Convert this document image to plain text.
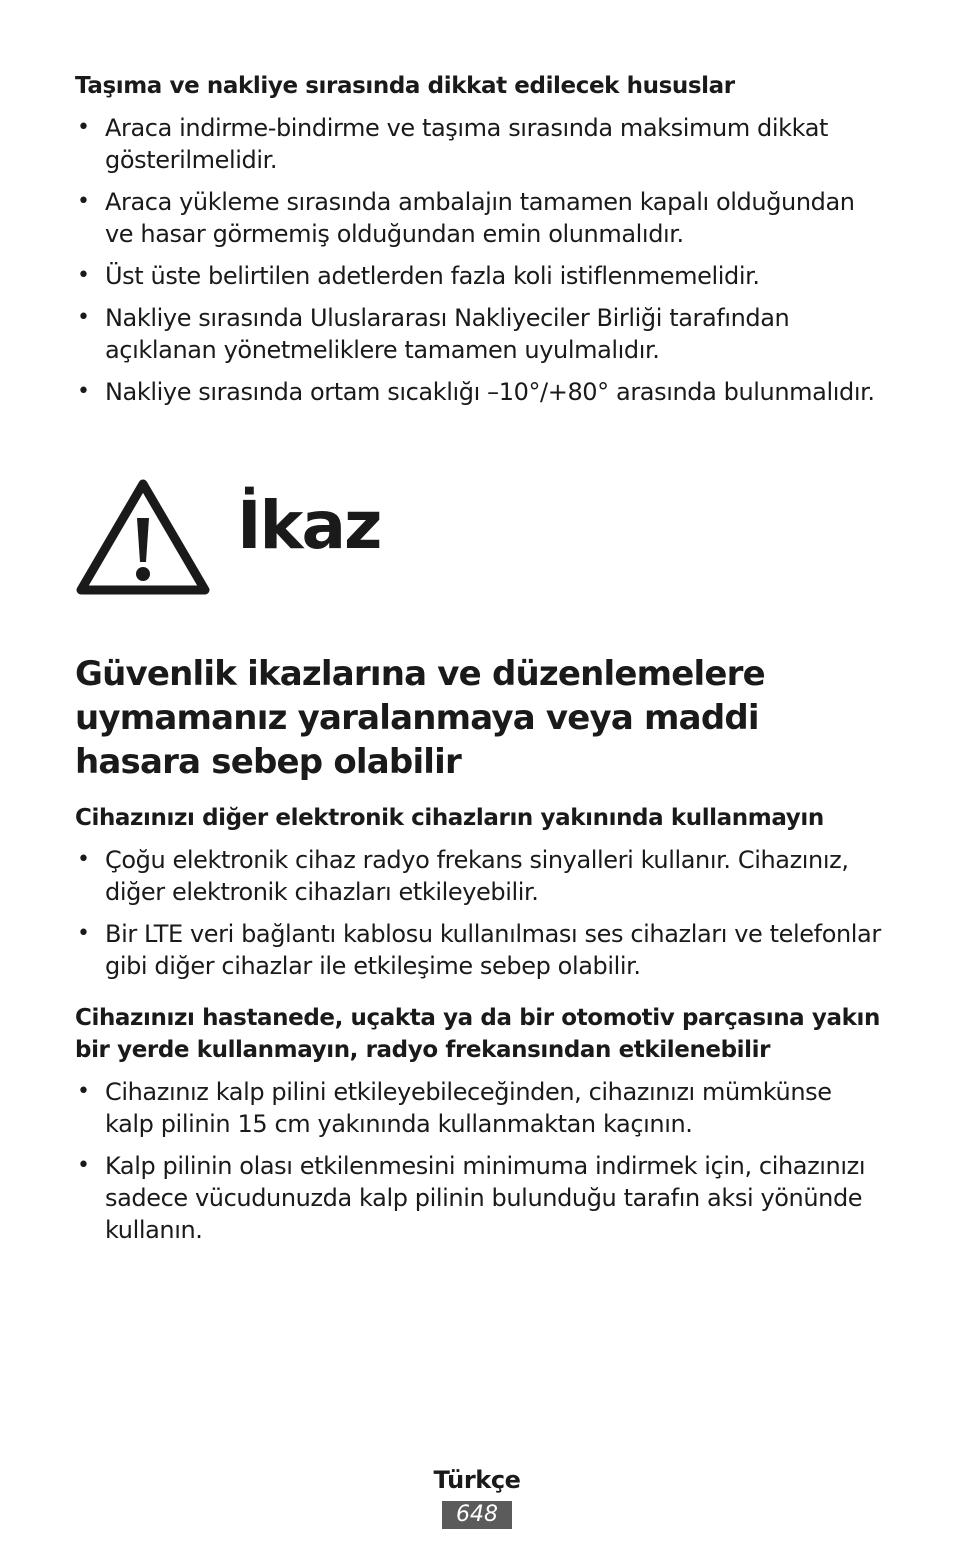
Taşıma ve nakliye sırasında dikkat edilecek hususlar
• Araca indirme-bindirme ve taşıma sırasında maksimum dikkat gösterilmelidir.
• Araca yükleme sırasında ambalajın tamamen kapalı olduğundan ve hasar görmemiş olduğundan emin olunmalıdır.
• Üst üste belirtilen adetlerden fazla koli istiflenmemelidir.
• Nakliye sırasında Uluslararası Nakliyeciler Birliği tarafından açıklanan yönetmeliklere tamamen uyulmalıdır.
• Nakliye sırasında ortam sıcaklığı –10°/+80° arasında bulunmalıdır.
İkaz
Güvenlik ikazlarına ve düzenlemelere uymamanız yaralanmaya veya maddi hasara sebep olabilir
Cihazınızı diğer elektronik cihazların yakınında kullanmayın
• Çoğu elektronik cihaz radyo frekans sinyalleri kullanır. Cihazınız, diğer elektronik cihazları etkileyebilir.
• Bir LTE veri bağlantı kablosu kullanılması ses cihazları ve telefonlar gibi diğer cihazlar ile etkileşime sebep olabilir.
Cihazınızı hastanede, uçakta ya da bir otomotiv parçasına yakın bir yerde kullanmayın, radyo frekansından etkilenebilir
• Cihazınız kalp pilini etkileyebileceğinden, cihazınızı mümkünse kalp pilinin 15 cm yakınında kullanmaktan kaçının.
• Kalp pilinin olası etkilenmesini minimuma indirmek için, cihazınızı sadece vücudunuzda kalp pilinin bulunduğu tarafın aksi yönünde kullanın.
Türkçe
648
